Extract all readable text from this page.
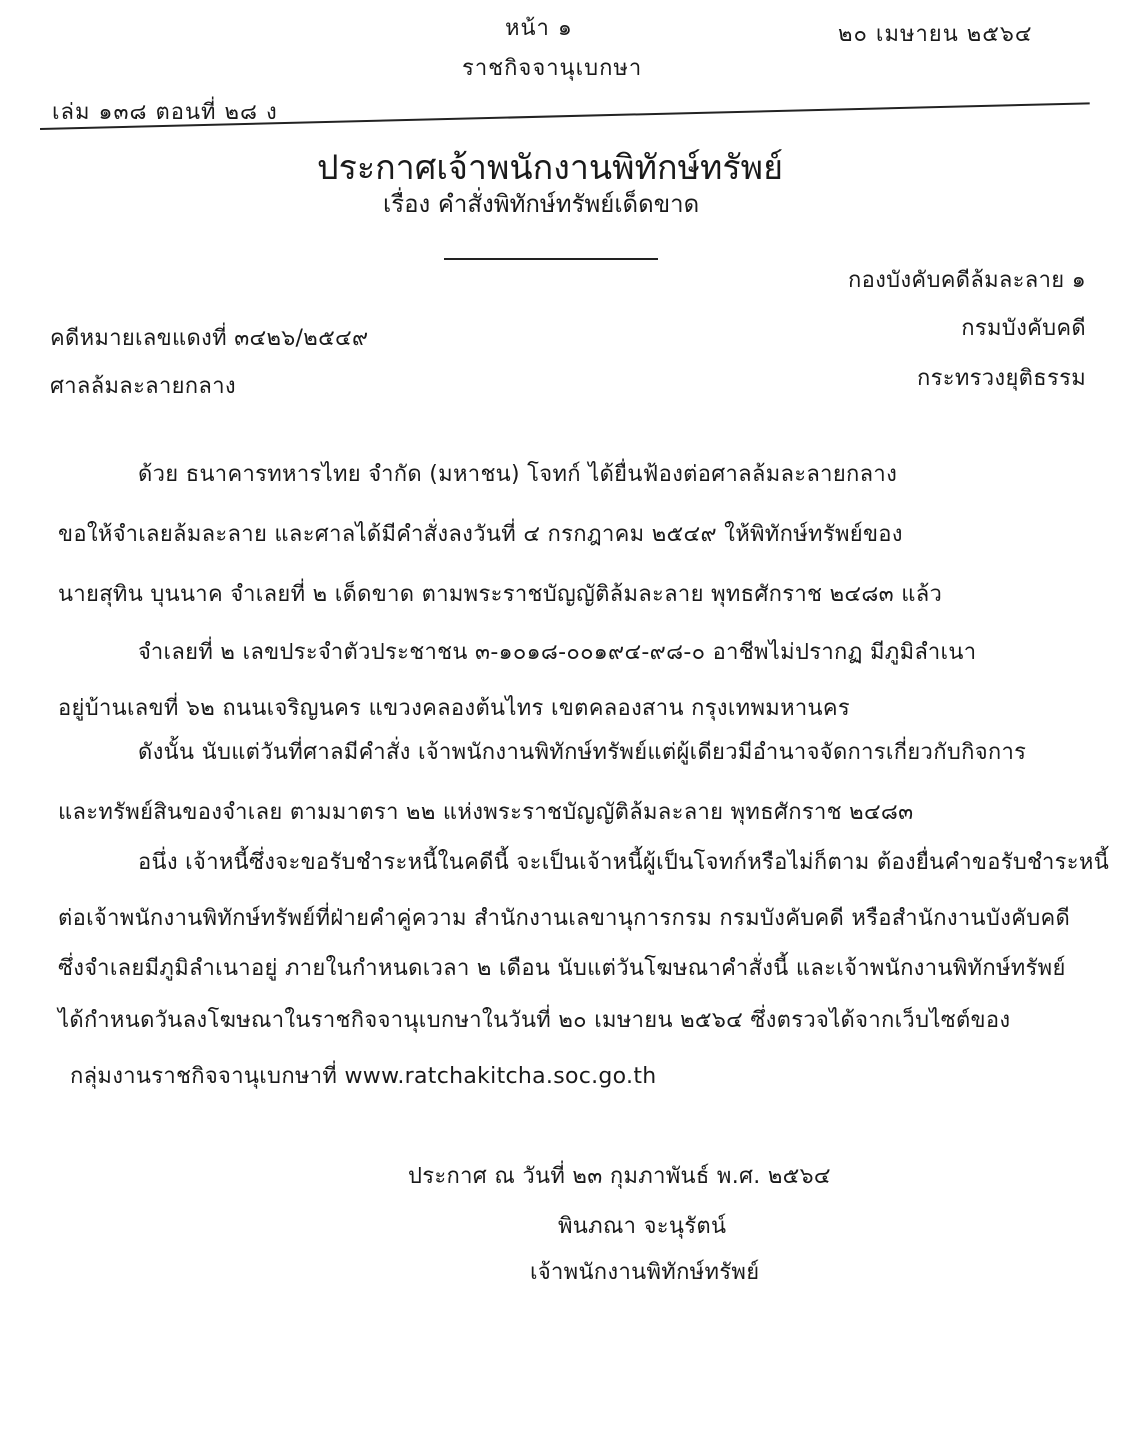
หน้า ๑
ราชกิจจานุเบกษา
๒๐ เมษายน ๒๕๖๔
เล่ม ๑๓๘ ตอนที่ ๒๘ ง
ประกาศเจ้าพนักงานพิทักษ์ทรัพย์
เรื่อง คำสั่งพิทักษ์ทรัพย์เด็ดขาด
กองบังคับคดีล้มละลาย ๑
กรมบังคับคดี
กระทรวงยุติธรรม
คดีหมายเลขแดงที่ ๓๔๒๖/๒๕๔๙
ศาลล้มละลายกลาง
ด้วย ธนาคารทหารไทย จำกัด (มหาชน) โจทก์ ได้ยื่นฟ้องต่อศาลล้มละลายกลาง
ขอให้จำเลยล้มละลาย และศาลได้มีคำสั่งลงวันที่ ๔ กรกฎาคม ๒๕๔๙ ให้พิทักษ์ทรัพย์ของ
นายสุทิน บุนนาค จำเลยที่ ๒ เด็ดขาด ตามพระราชบัญญัติล้มละลาย พุทธศักราช ๒๔๘๓ แล้ว
จำเลยที่ ๒ เลขประจำตัวประชาชน ๓-๑๐๑๘-๐๐๑๙๔-๙๘-๐ อาชีพไม่ปรากฏ มีภูมิลำเนา
อยู่บ้านเลขที่ ๖๒ ถนนเจริญนคร แขวงคลองต้นไทร เขตคลองสาน กรุงเทพมหานคร
ดังนั้น นับแต่วันที่ศาลมีคำสั่ง เจ้าพนักงานพิทักษ์ทรัพย์แต่ผู้เดียวมีอำนาจจัดการเกี่ยวกับกิจการ
และทรัพย์สินของจำเลย ตามมาตรา ๒๒ แห่งพระราชบัญญัติล้มละลาย พุทธศักราช ๒๔๘๓
อนึ่ง เจ้าหนี้ซึ่งจะขอรับชำระหนี้ในคดีนี้ จะเป็นเจ้าหนี้ผู้เป็นโจทก์หรือไม่ก็ตาม ต้องยื่นคำขอรับชำระหนี้
ต่อเจ้าพนักงานพิทักษ์ทรัพย์ที่ฝ่ายคำคู่ความ สำนักงานเลขานุการกรม กรมบังคับคดี หรือสำนักงานบังคับคดี
ซึ่งจำเลยมีภูมิลำเนาอยู่ ภายในกำหนดเวลา ๒ เดือน นับแต่วันโฆษณาคำสั่งนี้ และเจ้าพนักงานพิทักษ์ทรัพย์
ได้กำหนดวันลงโฆษณาในราชกิจจานุเบกษาในวันที่ ๒๐ เมษายน ๒๕๖๔ ซึ่งตรวจได้จากเว็บไซต์ของ
กลุ่มงานราชกิจจานุเบกษาที่ www.ratchakitcha.soc.go.th
ประกาศ ณ วันที่ ๒๓ กุมภาพันธ์ พ.ศ. ๒๕๖๔
พินภณา จะนุรัตน์
เจ้าพนักงานพิทักษ์ทรัพย์
